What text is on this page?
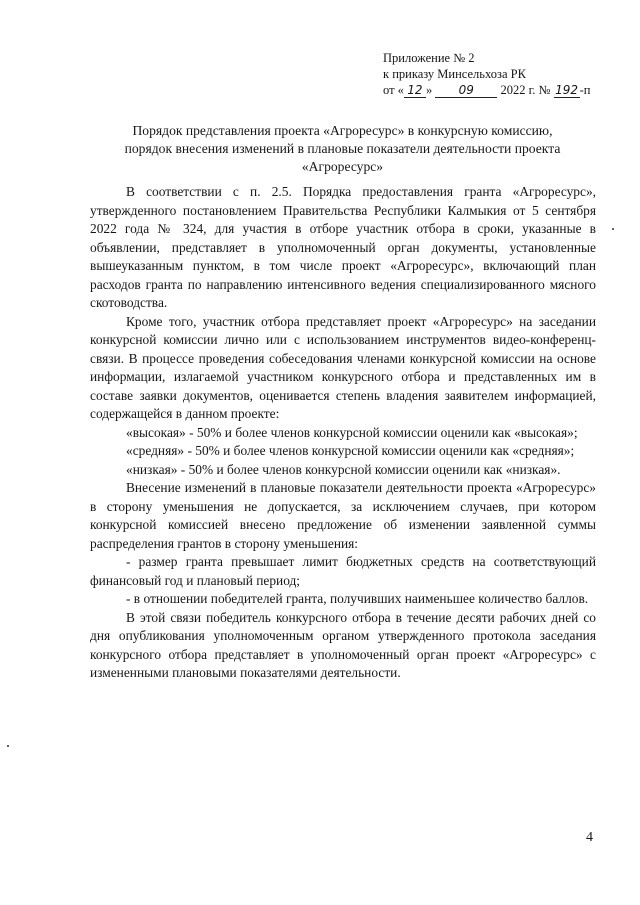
Приложение № 2
к приказу Минсельхоза РК
от « 12 » 09 2022 г. № 192 -п
Порядок представления проекта «Агроресурс» в конкурсную комиссию,
порядок внесения изменений в плановые показатели деятельности проекта
«Агроресурс»

В соответствии с п. 2.5. Порядка предоставления гранта «Агроресурс», утвержденного постановлением Правительства Республики Калмыкия от 5 сентября 2022 года № 324, для участия в отборе участник отбора в сроки, указанные в объявлении, представляет в уполномоченный орган документы, установленные вышеуказанным пунктом, в том числе проект «Агроресурс», включающий план расходов гранта по направлению интенсивного ведения специализированного мясного скотоводства.

Кроме того, участник отбора представляет проект «Агроресурс» на заседании конкурсной комиссии лично или с использованием инструментов видео-конференц-связи. В процессе проведения собеседования членами конкурсной комиссии на основе информации, излагаемой участником конкурсного отбора и представленных им в составе заявки документов, оценивается степень владения заявителем информацией, содержащейся в данном проекте:

«высокая» - 50% и более членов конкурсной комиссии оценили как «высокая»;

«средняя» - 50% и более членов конкурсной комиссии оценили как «средняя»;

«низкая» - 50% и более членов конкурсной комиссии оценили как «низкая».

Внесение изменений в плановые показатели деятельности проекта «Агроресурс» в сторону уменьшения не допускается, за исключением случаев, при котором конкурсной комиссией внесено предложение об изменении заявленной суммы распределения грантов в сторону уменьшения:

- размер гранта превышает лимит бюджетных средств на соответствующий финансовый год и плановый период;

- в отношении победителей гранта, получивших наименьшее количество баллов.

В этой связи победитель конкурсного отбора в течение десяти рабочих дней со дня опубликования уполномоченным органом утвержденного протокола заседания конкурсного отбора представляет в уполномоченный орган проект «Агроресурс» с измененными плановыми показателями деятельности.

4
